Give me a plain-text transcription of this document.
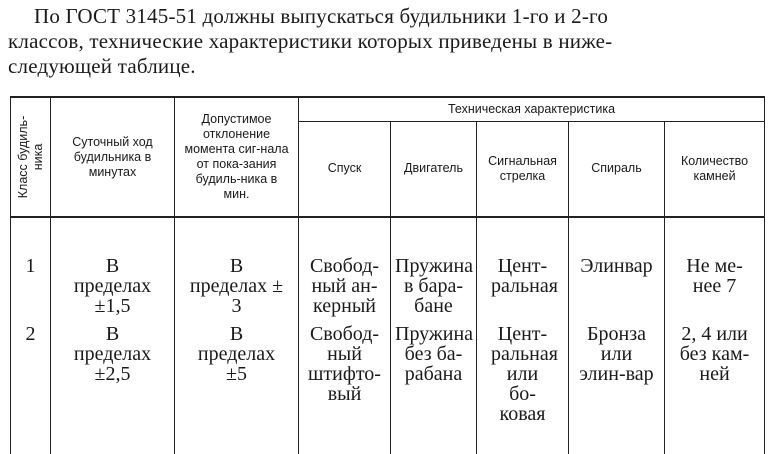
По ГОСТ 3145-51 должны выпускаться будильники 1-го и 2-го

классов, технические характеристики которых приведены в ниже-

следующей таблице.

Класс будиль-ника	Суточный ход будильника в минутах	Допустимое отклонение момента сиг-нала от пока-зания будиль-ника в мин.	Техническая характеристика				
			Спуск	Двигатель	Сигнальная стрелка	Спираль	Количество камней
1	В пределах ±1,5	В пределах ± 3	Свобод-ный ан-керный	Пружина в бара-бане	Цент-ральная	Элинвар	Не ме-нее 7
2	В пределах ±2,5	В пределах ±5	Свобод-ный штифто-вый	Пружина без ба-рабана	Цент-ральная или бо-ковая	Бронза или элин-вар	2, 4 или без кам-ней
